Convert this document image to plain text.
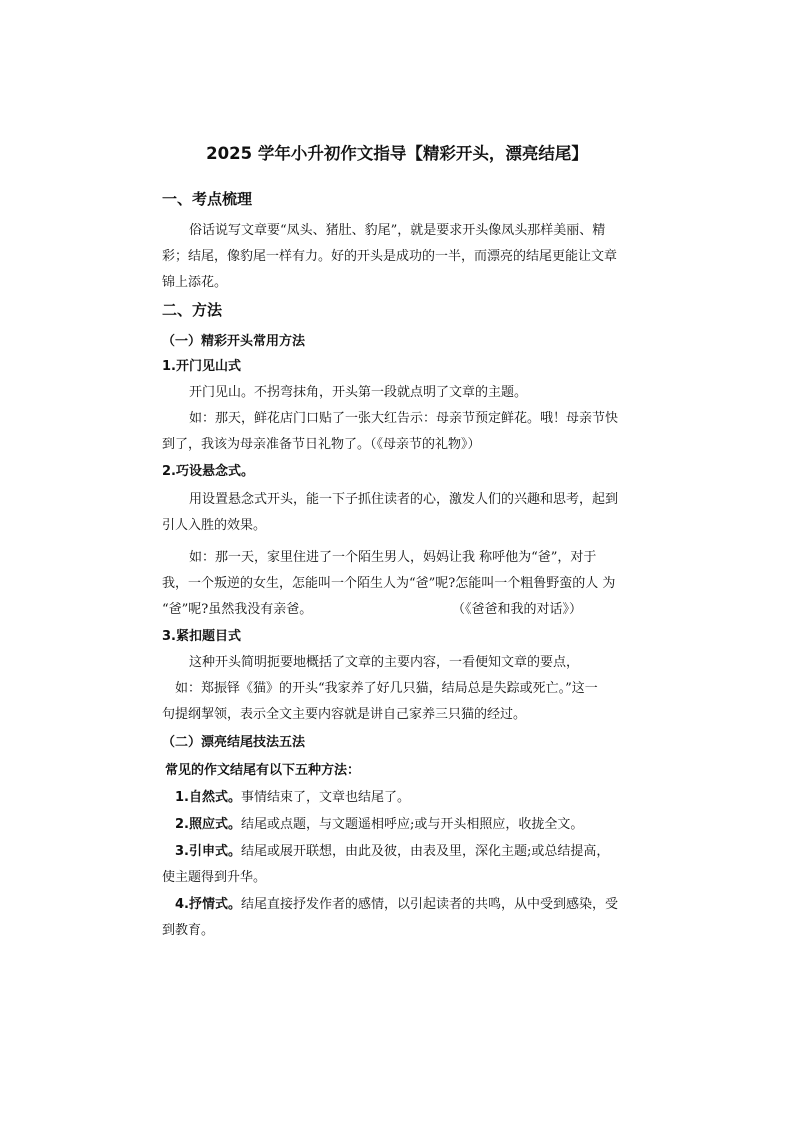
2025 学年小升初作文指导【精彩开头，漂亮结尾】
一、考点梳理
俗话说写文章要“凤头、猪肚、豹尾”，就是要求开头像凤头那样美丽、精
彩；结尾，像豹尾一样有力。好的开头是成功的一半，而漂亮的结尾更能让文章
锦上添花。
二、方法
（一）精彩开头常用方法
1.开门见山式
开门见山。不拐弯抹角，开头第一段就点明了文章的主题。
如：那天，鲜花店门口贴了一张大红告示：母亲节预定鲜花。哦！母亲节快
到了，我该为母亲准备节日礼物了。（《母亲节的礼物》）
2.巧设悬念式。
用设置悬念式开头，能一下子抓住读者的心，激发人们的兴趣和思考，起到
引人入胜的效果。
如：那一天，家里住进了一个陌生男人，妈妈让我 称呼他为“爸”，对于
我，一个叛逆的女生，怎能叫一个陌生人为“爸”呢?怎能叫一个粗鲁野蛮的人 为
“爸”呢?虽然我没有亲爸。	（《爸爸和我的对话》）
3.紧扣题目式
这种开头简明扼要地概括了文章的主要内容，一看便知文章的要点，
如：郑振铎《猫》的开头“我家养了好几只猫，结局总是失踪或死亡。”这一
句提纲挈领，表示全文主要内容就是讲自己家养三只猫的经过。
（二）漂亮结尾技法五法
常见的作文结尾有以下五种方法：
1.自然式。事情结束了，文章也结尾了。
2.照应式。结尾或点题，与文题遥相呼应;或与开头相照应，收拢全文。
3.引申式。结尾或展开联想，由此及彼，由表及里，深化主题;或总结提高，
使主题得到升华。
4.抒情式。结尾直接抒发作者的感情，以引起读者的共鸣，从中受到感染，受
到教育。
